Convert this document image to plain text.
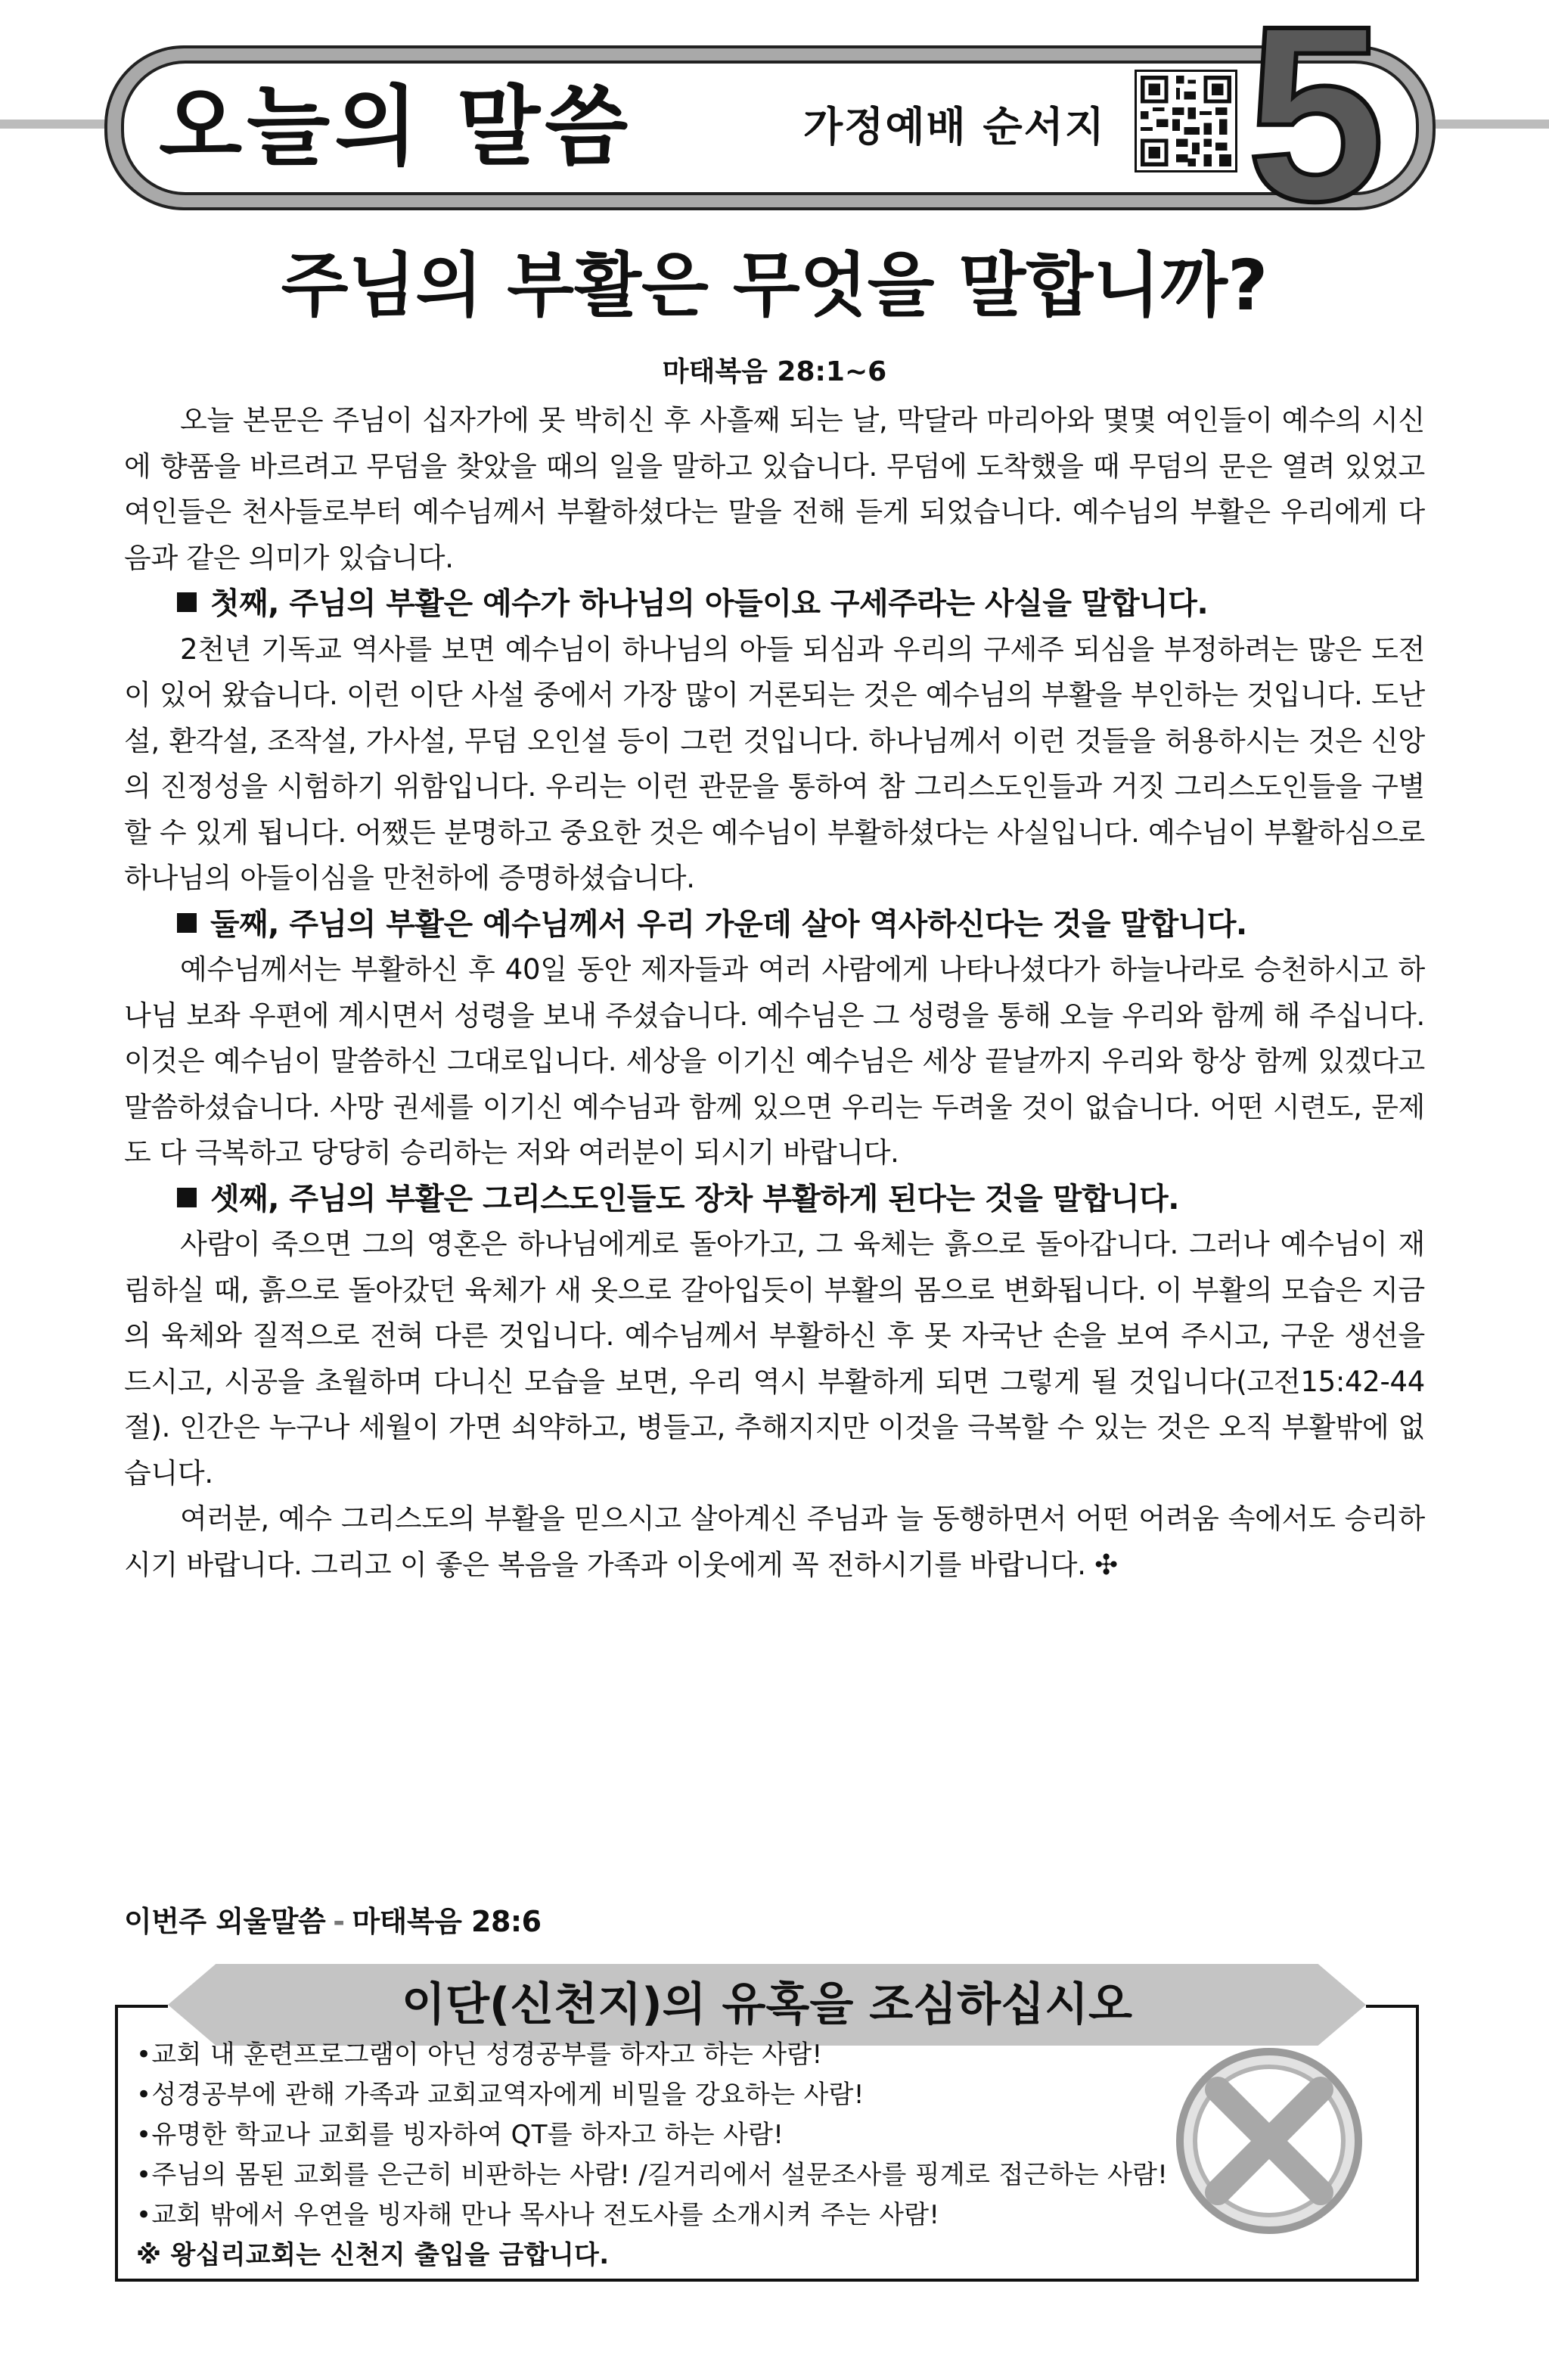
오늘의 말씀	가정예배 순서지 5
주님의 부활은 무엇을 말합니까?
마태복음 28:1~6

오늘 본문은 주님이 십자가에 못 박히신 후 사흘째 되는 날, 막달라 마리아와 몇몇 여인들이 예수의 시신에 향품을 바르려고 무덤을 찾았을 때의 일을 말하고 있습니다. 무덤에 도착했을 때 무덤의 문은 열려 있었고 여인들은 천사들로부터 예수님께서 부활하셨다는 말을 전해 듣게 되었습니다. 예수님의 부활은 우리에게 다음과 같은 의미가 있습니다.

첫째, 주님의 부활은 예수가 하나님의 아들이요 구세주라는 사실을 말합니다.

2천년 기독교 역사를 보면 예수님이 하나님의 아들 되심과 우리의 구세주 되심을 부정하려는 많은 도전이 있어 왔습니다. 이런 이단 사설 중에서 가장 많이 거론되는 것은 예수님의 부활을 부인하는 것입니다. 도난설, 환각설, 조작설, 가사설, 무덤 오인설 등이 그런 것입니다. 하나님께서 이런 것들을 허용하시는 것은 신앙의 진정성을 시험하기 위함입니다. 우리는 이런 관문을 통하여 참 그리스도인들과 거짓 그리스도인들을 구별할 수 있게 됩니다. 어쨌든 분명하고 중요한 것은 예수님이 부활하셨다는 사실입니다. 예수님이 부활하심으로 하나님의 아들이심을 만천하에 증명하셨습니다.

둘째, 주님의 부활은 예수님께서 우리 가운데 살아 역사하신다는 것을 말합니다.

예수님께서는 부활하신 후 40일 동안 제자들과 여러 사람에게 나타나셨다가 하늘나라로 승천하시고 하나님 보좌 우편에 계시면서 성령을 보내 주셨습니다. 예수님은 그 성령을 통해 오늘 우리와 함께 해 주십니다. 이것은 예수님이 말씀하신 그대로입니다. 세상을 이기신 예수님은 세상 끝날까지 우리와 항상 함께 있겠다고 말씀하셨습니다. 사망 권세를 이기신 예수님과 함께 있으면 우리는 두려울 것이 없습니다. 어떤 시련도, 문제도 다 극복하고 당당히 승리하는 저와 여러분이 되시기 바랍니다.

셋째, 주님의 부활은 그리스도인들도 장차 부활하게 된다는 것을 말합니다.

사람이 죽으면 그의 영혼은 하나님에게로 돌아가고, 그 육체는 흙으로 돌아갑니다. 그러나 예수님이 재림하실 때, 흙으로 돌아갔던 육체가 새 옷으로 갈아입듯이 부활의 몸으로 변화됩니다. 이 부활의 모습은 지금의 육체와 질적으로 전혀 다른 것입니다. 예수님께서 부활하신 후 못 자국난 손을 보여 주시고, 구운 생선을 드시고, 시공을 초월하며 다니신 모습을 보면, 우리 역시 부활하게 되면 그렇게 될 것입니다(고전15:42-44절). 인간은 누구나 세월이 가면 쇠약하고, 병들고, 추해지지만 이것을 극복할 수 있는 것은 오직 부활밖에 없습니다.

여러분, 예수 그리스도의 부활을 믿으시고 살아계신 주님과 늘 동행하면서 어떤 어려움 속에서도 승리하시기 바랍니다. 그리고 이 좋은 복음을 가족과 이웃에게 꼭 전하시기를 바랍니다. ✣

이번주 외울말씀 - 마태복음 28:6
이단(신천지)의 유혹을 조심하십시오
•교회 내 훈련프로그램이 아닌 성경공부를 하자고 하는 사람!
•성경공부에 관해 가족과 교회교역자에게 비밀을 강요하는 사람!
•유명한 학교나 교회를 빙자하여 QT를 하자고 하는 사람!
•주님의 몸된 교회를 은근히 비판하는 사람! /길거리에서 설문조사를 핑계로 접근하는 사람!
•교회 밖에서 우연을 빙자해 만나 목사나 전도사를 소개시켜 주는 사람!
※ 왕십리교회는 신천지 출입을 금합니다.
